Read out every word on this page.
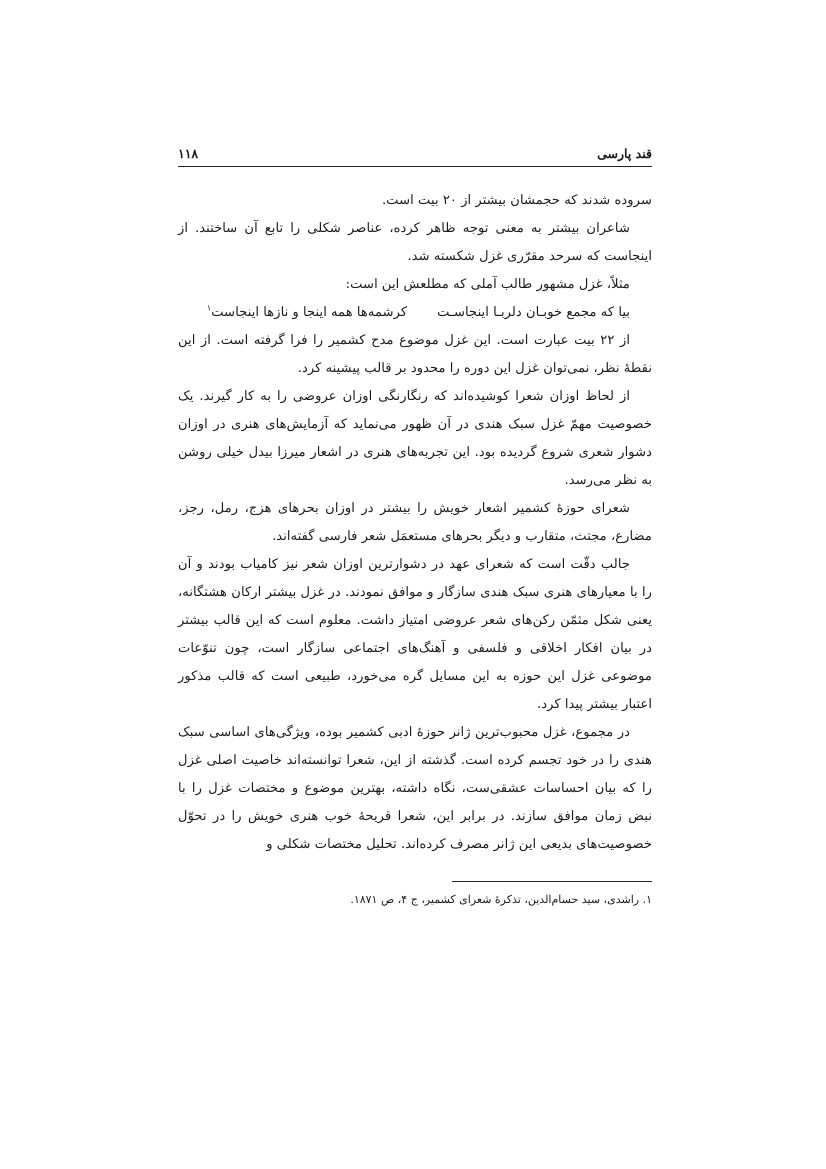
قند پارسی
۱۱۸

سروده شدند که حجمشان بیشتر از ۲۰ بیت است.

شاعران بیشتر به معنی توجه ظاهر کرده، عناصر شکلی را تابع آن ساختند. از اینجاست که سرحد مقرّری غزل شکسته شد.

مثلاً، غزل مشهور طالب آملی که مطلعش این است:

بیا که مجمع خوبـان دلربـا اینجاسـت
کرشمه‌ها همه اینجا و نازها اینجاست$^۱$

از ۲۲ بیت عبارت است. این غزل موضوع مدح کشمیر را فرا گرفته است. از این نقطهٔ نظر، نمی‌توان غزل این دوره را محدود بر قالب پیشینه کرد.

از لحاظ اوزان شعرا کوشیده‌اند که رنگارنگی اوزان عروضی را به کار گیرند. یک خصوصیت مهمّ غزل سبک هندی در آن ظهور می‌نماید که آزمایش‌های هنری در اوزان دشوار شعری شروع گردیده بود. این تجربه‌های هنری در اشعار میرزا بیدل خیلی روشن به نظر می‌رسد.

شعرای حوزهٔ کشمیر اشعار خویش را بیشتر در اوزان بحرهای هزج، رمل، رجز، مضارع، مجتث، متقارب و دیگر بحرهای مستعمَل شعر فارسی گفته‌اند.

جالب دقّت است که شعرای عهد در دشوارترین اوزان شعر نیز کامیاب بودند و آن را با معیارهای هنری سبک هندی سازگار و موافق نمودند. در غزل بیشتر ارکان هشتگانه، یعنی شکل مثمّن رکن‌های شعر عروضی امتیاز داشت. معلوم است که این قالب بیشتر در بیان افکار اخلاقی و فلسفی و آهنگ‌های اجتماعی سازگار است، چون تنوّعات موضوعی غزل این حوزه به این مسایل گره می‌خورد، طبیعی است که قالب مذکور اعتبار بیشتر پیدا کرد.

در مجموع، غزل محبوب‌ترین ژانر حوزهٔ ادبی کشمیر بوده، ویژگی‌های اساسی سبک هندی را در خود تجسم کرده است. گذشته از این، شعرا توانسته‌اند خاصیت اصلی غزل را که بیان احساسات عشقی‌ست، نگاه داشته، بهترین موضوع و مختصات غزل را با نبض زمان موافق سازند. در برابر این، شعرا قریحهٔ خوب هنری خویش را در تحوّل خصوصیت‌های بدیعی این ژانر مصرف کرده‌اند. تحلیل مختصات شکلی و

۱. راشدی، سید حسام‌الدین، تذکرهٔ شعرای کشمیر، ج ۴، ص ۱۸۷۱.
